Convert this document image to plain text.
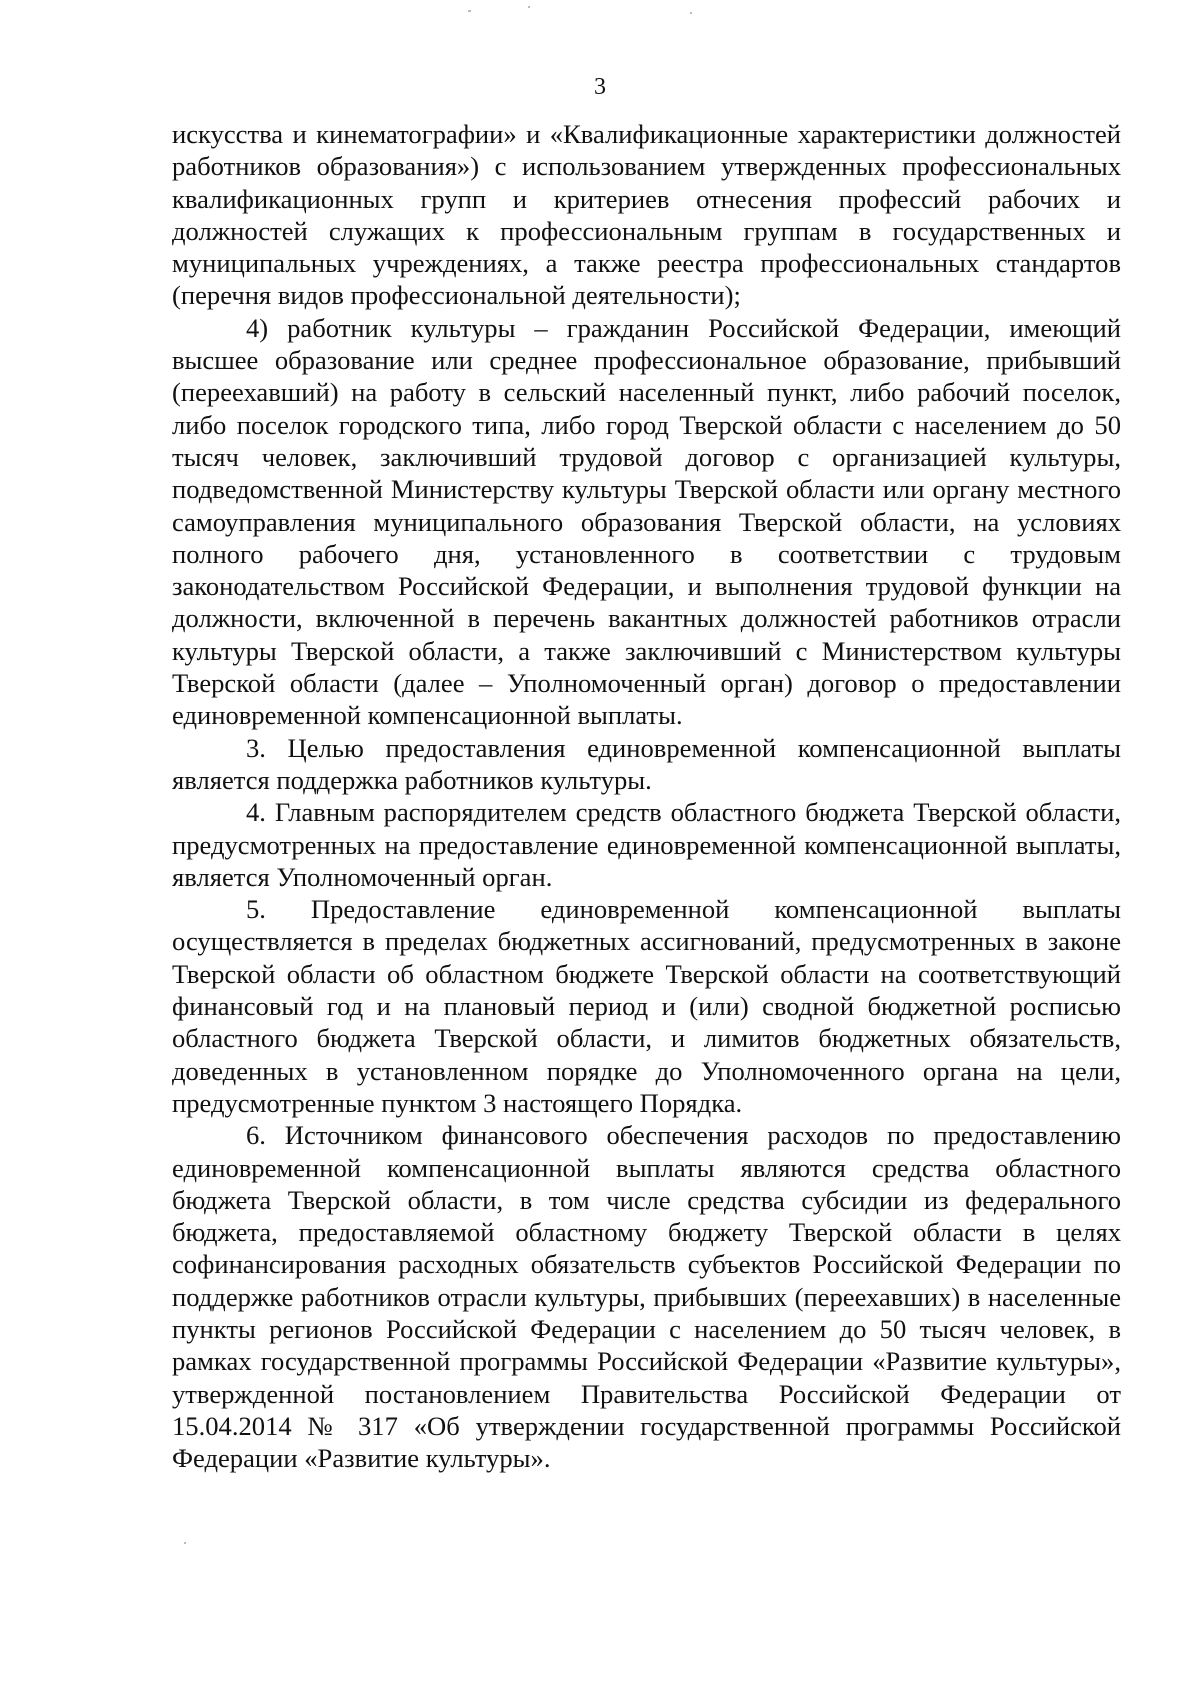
3

искусства и кинематографии» и «Квалификационные характеристики должностей работников образования») с использованием утвержденных профессиональных квалификационных групп и критериев отнесения профессий рабочих и должностей служащих к профессиональным группам в государственных и муниципальных учреждениях, а также реестра профессиональных стандартов (перечня видов профессиональной деятельности);

4) работник культуры – гражданин Российской Федерации, имеющий высшее образование или среднее профессиональное образование, прибывший (переехавший) на работу в сельский населенный пункт, либо рабочий поселок, либо поселок городского типа, либо город Тверской области с населением до 50 тысяч человек, заключивший трудовой договор с организацией культуры, подведомственной Министерству культуры Тверской области или органу местного самоуправления муниципального образования Тверской области, на условиях полного рабочего дня, установленного в соответствии с трудовым законодательством Российской Федерации, и выполнения трудовой функции на должности, включенной в перечень вакантных должностей работников отрасли культуры Тверской области, а также заключивший с Министерством культуры Тверской области (далее – Уполномоченный орган) договор о предоставлении единовременной компенсационной выплаты.

3. Целью предоставления единовременной компенсационной выплаты является поддержка работников культуры.

4. Главным распорядителем средств областного бюджета Тверской области, предусмотренных на предоставление единовременной компенсационной выплаты, является Уполномоченный орган.

5. Предоставление единовременной компенсационной выплаты осуществляется в пределах бюджетных ассигнований, предусмотренных в законе Тверской области об областном бюджете Тверской области на соответствующий финансовый год и на плановый период и (или) сводной бюджетной росписью областного бюджета Тверской области, и лимитов бюджетных обязательств, доведенных в установленном порядке до Уполномоченного органа на цели, предусмотренные пунктом 3 настоящего Порядка.

6. Источником финансового обеспечения расходов по предоставлению единовременной компенсационной выплаты являются средства областного бюджета Тверской области, в том числе средства субсидии из федерального бюджета, предоставляемой областному бюджету Тверской области в целях софинансирования расходных обязательств субъектов Российской Федерации по поддержке работников отрасли культуры, прибывших (переехавших) в населенные пункты регионов Российской Федерации с населением до 50 тысяч человек, в рамках государственной программы Российской Федерации «Развитие культуры», утвержденной постановлением Правительства Российской Федерации от 15.04.2014 № 317 «Об утверждении государственной программы Российской Федерации «Развитие культуры».
